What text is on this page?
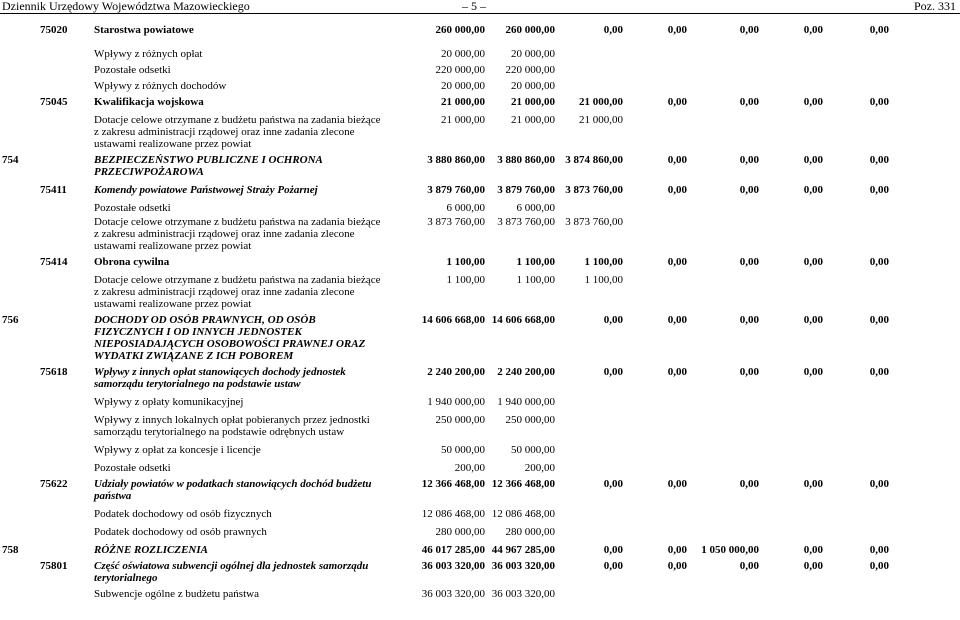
Dziennik Urzędowy Województwa Mazowieckiego	– 5 –	Poz. 331
	75020	Starostwa powiatowe	260 000,00	260 000,00	0,00	0,00	0,00	0,00	0,00
		Wpływy z różnych opłat	20 000,00	20 000,00					
		Pozostałe odsetki	220 000,00	220 000,00					
		Wpływy z różnych dochodów	20 000,00	20 000,00					
	75045	Kwalifikacja wojskowa	21 000,00	21 000,00	21 000,00	0,00	0,00	0,00	0,00
		Dotacje celowe otrzymane z budżetu państwa na zadania bieżące z zakresu administracji rządowej oraz inne zadania zlecone ustawami realizowane przez powiat	21 000,00	21 000,00	21 000,00				
754		BEZPIECZEŃSTWO PUBLICZNE I OCHRONA PRZECIWPOŻAROWA	3 880 860,00	3 880 860,00	3 874 860,00	0,00	0,00	0,00	0,00
	75411	Komendy powiatowe Państwowej Straży Pożarnej	3 879 760,00	3 879 760,00	3 873 760,00	0,00	0,00	0,00	0,00
		Pozostałe odsetki	6 000,00	6 000,00					
		Dotacje celowe otrzymane z budżetu państwa na zadania bieżące z zakresu administracji rządowej oraz inne zadania zlecone ustawami realizowane przez powiat	3 873 760,00	3 873 760,00	3 873 760,00				
	75414	Obrona cywilna	1 100,00	1 100,00	1 100,00	0,00	0,00	0,00	0,00
		Dotacje celowe otrzymane z budżetu państwa na zadania bieżące z zakresu administracji rządowej oraz inne zadania zlecone ustawami realizowane przez powiat	1 100,00	1 100,00	1 100,00				
756		DOCHODY OD OSÓB PRAWNYCH, OD OSÓB FIZYCZNYCH I OD INNYCH JEDNOSTEK NIEPOSIADAJĄCYCH OSOBOWOŚCI PRAWNEJ ORAZ WYDATKI ZWIĄZANE Z ICH POBOREM	14 606 668,00	14 606 668,00	0,00	0,00	0,00	0,00	0,00
	75618	Wpływy z innych opłat stanowiących dochody jednostek samorządu terytorialnego na podstawie ustaw	2 240 200,00	2 240 200,00	0,00	0,00	0,00	0,00	0,00
		Wpływy z opłaty komunikacyjnej	1 940 000,00	1 940 000,00					
		Wpływy z innych lokalnych opłat pobieranych przez jednostki samorządu terytorialnego na podstawie odrębnych ustaw	250 000,00	250 000,00					
		Wpływy z opłat za koncesje i licencje	50 000,00	50 000,00					
		Pozostałe odsetki	200,00	200,00					
	75622	Udziały powiatów w podatkach stanowiących dochód budżetu państwa	12 366 468,00	12 366 468,00	0,00	0,00	0,00	0,00	0,00
		Podatek dochodowy od osób fizycznych	12 086 468,00	12 086 468,00					
		Podatek dochodowy od osób prawnych	280 000,00	280 000,00					
758		RÓŻNE ROZLICZENIA	46 017 285,00	44 967 285,00	0,00	0,00	1 050 000,00	0,00	0,00
	75801	Część oświatowa subwencji ogólnej dla jednostek samorządu terytorialnego	36 003 320,00	36 003 320,00	0,00	0,00	0,00	0,00	0,00
		Subwencje ogólne z budżetu państwa	36 003 320,00	36 003 320,00					
